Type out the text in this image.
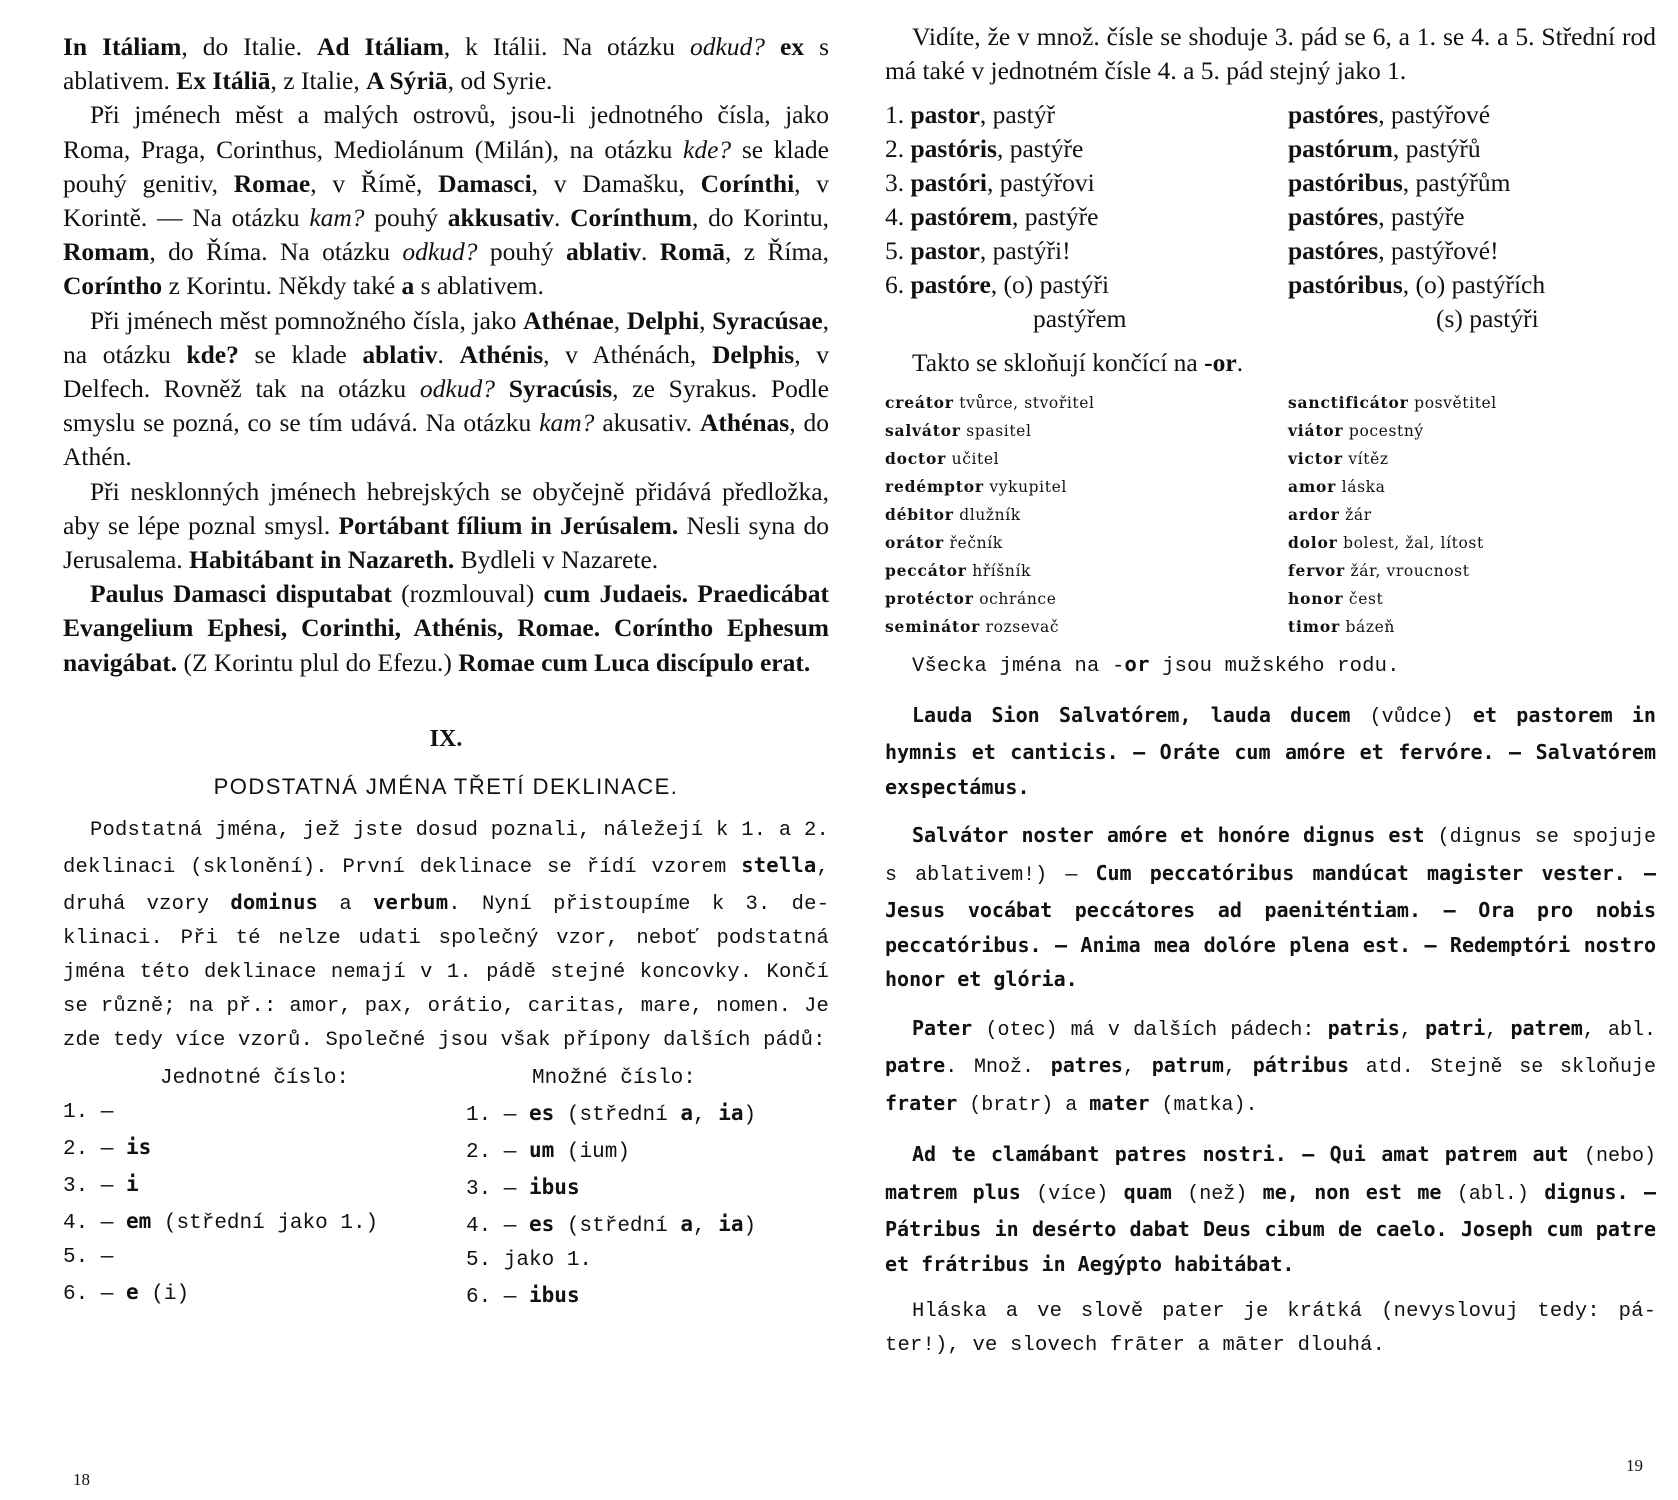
In Itáliam, do Italie. Ad Itáliam, k Itálii. Na otázku odkud? ex s ablativem. Ex Itáliā, z Italie, A Sýriā, od Syrie.

Při jménech měst a malých ostrovů, jsou-li jednotného čísla, jako Roma, Praga, Corinthus, Mediolánum (Milán), na otázku kde? se klade pouhý genitiv, Romae, v Římě, Damasci, v Damašku, Corínthi, v Korintě. — Na otázku kam? pouhý akkusativ. Corínthum, do Korintu, Romam, do Říma. Na otázku odkud? pouhý ablativ. Romā, z Říma, Corínthо z Korintu. Někdy také a s ablativem.

Při jménech měst pomnožného čísla, jako Athénae, Delphi, Syracúsae, na otázku kde? se klade ablativ. Athénis, v Athénách, Delphis, v Delfech. Rovněž tak na otázku odkud? Syracúsis, ze Syrakus. Podle smyslu se pozná, co se tím udává. Na otázku kam? akusativ. Athénas, do Athén.

Při nesklonných jménech hebrejských se obyčejně přidává předložka, aby se lépe poznal smysl. Portábant fílium in Jerúsalem. Nesli syna do Jerusalema. Habitábant in Nazareth. Bydleli v Nazarete.

Paulus Damasci disputabat (rozmlouval) cum Judaeis. Praedicábat Evangelium Ephesi, Corinthi, Athénis, Romae. Coríntho Ephesum navigábat. (Z Korintu plul do Efezu.) Romae cum Luca discípulo erat.

IX.
PODSTATNÁ JMÉNA TŘETÍ DEKLINACE.

Podstatná jména, jež jste dosud poznali, náležejí k 1. a 2. deklinaci (sklonění). První deklinace se řídí vzorem stella, druhá vzory dominus a verbum. Nyní přistoupíme k 3. deklinaci. Při té nelze udati společný vzor, neboť podstatná jména této deklinace nemají v 1. pádě stejné koncovky. Končí se různě; na př.: amor, pax, orátio, caritas, mare, nomen. Je zde tedy více vzorů. Společné jsou však přípony dalších pádů:

Jednotné číslo:	Množné číslo:
1. —
2. — is
3. — i
4. — em (střední jako 1.)
5. —
6. — e (i)
1. — es (střední a, ia)
2. — um (ium)
3. — ibus
4. — es (střední a, ia)
5. jako 1.
6. — ibus
18

Vidíte, že v množ. čísle se shoduje 3. pád se 6, a 1. se 4. a 5. Střední rod má také v jednotném čísle 4. a 5. pád stejný jako 1.

1. pastor, pastýř
2. pastóris, pastýře
3. pastóri, pastýřovi
4. pastórem, pastýře
5. pastor, pastýři!
6. pastóre, (o) pastýři
pastýřem
pastóres, pastýřové
pastórum, pastýřů
pastóribus, pastýřům
pastóres, pastýře
pastóres, pastýřové!
pastóribus, (o) pastýřích
(s) pastýři

Takto se skloňují končící na -or.

creátor tvůrce, stvořitel
salvátor spasitel
doctor učitel
redémptor vykupitel
débitor dlužník
orátor řečník
peccátor hříšník
protéctor ochránce
seminátor rozsevač
sanctificátor posvětitel
viátor pocestný
victor vítěz
amor láska
ardor žár
dolor bolest, žal, lítost
fervor žár, vroucnost
honor čest
timor bázeň

Všecka jména na -or jsou mužského rodu.

Lauda Sion Salvatórem, lauda ducem (vůdce) et pastorem in hymnis et canticis. — Oráte cum amóre et fervóre. — Salvatórem exspectámus.

Salvátor noster amóre et honóre dignus est (dignus se spojuje s ablativem!) — Cum peccatóribus mandúcat magister vester. — Jesus vocábat peccátores ad paeniténtiam. — Ora pro nobis peccatóribus. — Anima mea dolóre plena est. — Redemptóri nostro honor et glória.

Pater (otec) má v dalších pádech: patris, patri, patrem, abl. patre. Množ. patres, patrum, pátribus atd. Stejně se skloňuje frater (bratr) a mater (matka).

Ad te clamábant patres nostri. — Qui amat patrem aut (nebo) matrem plus (více) quam (než) me, non est me (abl.) dignus. — Pátribus in desérto dabat Deus cibum de caelo. Joseph cum patre et frátribus in Aegýpto habitábat.

Hláska a ve slově pater je krátká (nevyslovuj tedy: páter!), ve slovech frāter a māter dlouhá.

19
